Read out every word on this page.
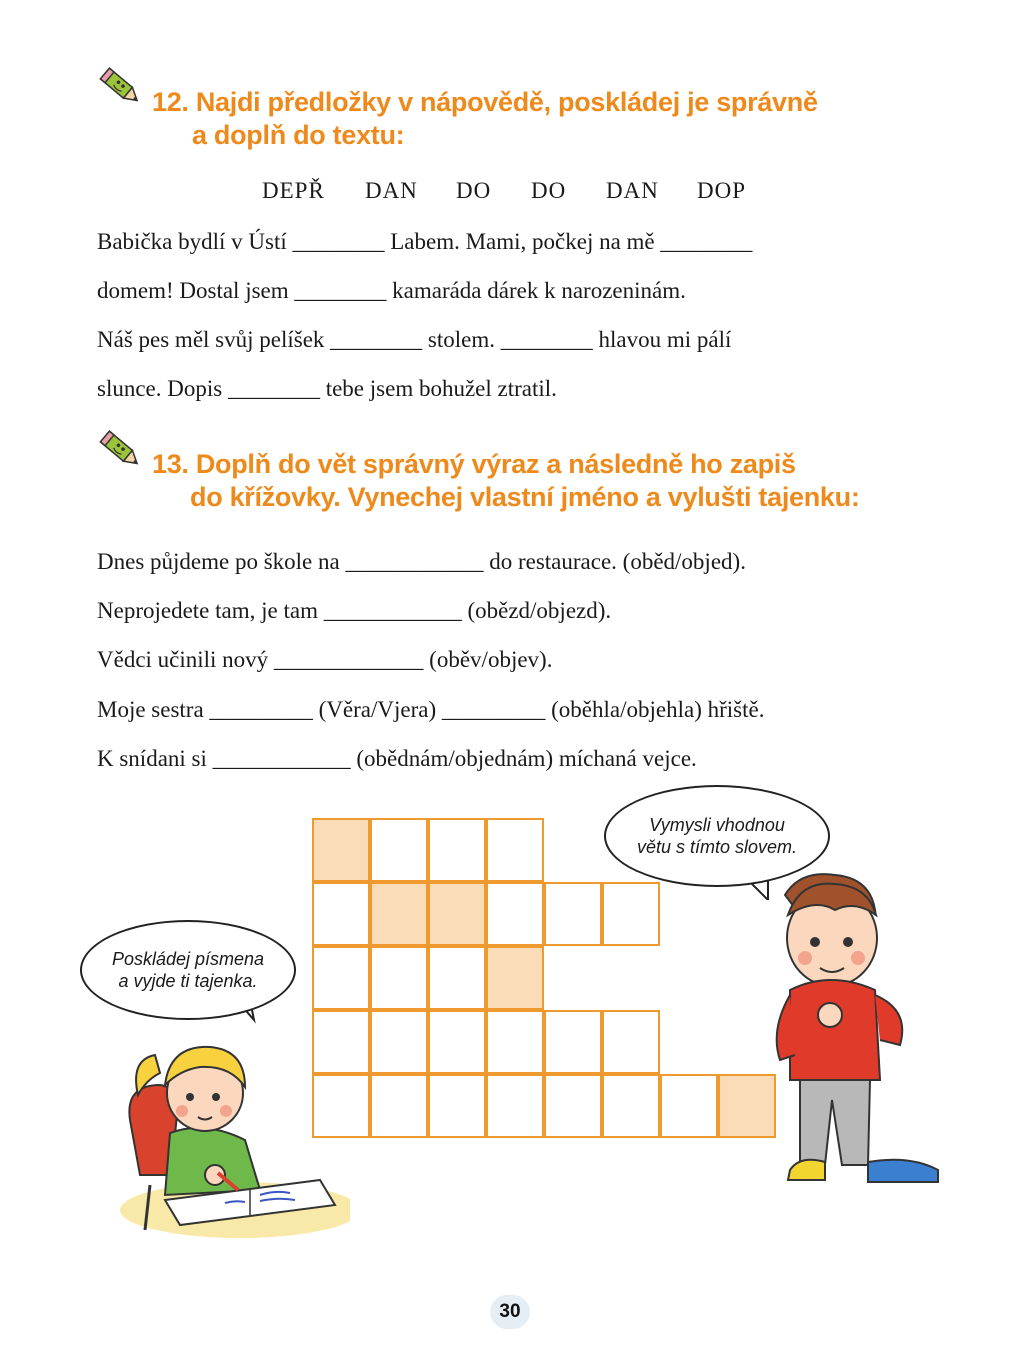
12. Najdi předložky v nápovědě, poskládej je správně
a doplň do textu:
DEPŘ DAN DO DO DAN DOP
Babička bydlí v Ústí ________ Labem. Mami, počkej na mě ________
domem! Dostal jsem ________ kamaráda dárek k narozeninám.
Náš pes měl svůj pelíšek ________ stolem. ________ hlavou mi pálí
slunce. Dopis ________ tebe jsem bohužel ztratil.
13. Doplň do vět správný výraz a následně ho zapiš
do křížovky. Vynechej vlastní jméno a vylušti tajenku:
Dnes půjdeme po škole na ____________ do restaurace. (oběd/objed).
Neprojedete tam, je tam ____________ (obězd/objezd).
Vědci učinili nový _____________ (oběv/objev).
Moje sestra _________ (Věra/Vjera) _________ (oběhla/objehla) hřiště.
K snídani si ____________ (obědnám/objednám) míchaná vejce.
Vymysli vhodnou
větu s tímto slovem.
Poskládej písmena
a vyjde ti tajenka.
30
